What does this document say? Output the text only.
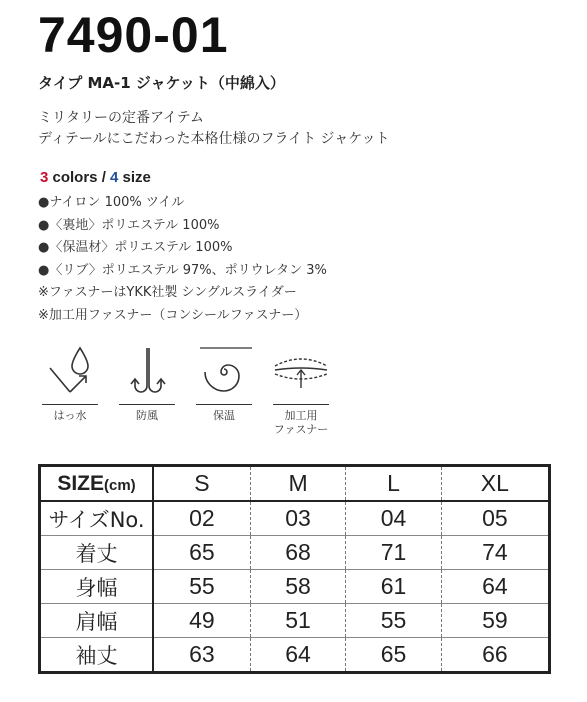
7490-01
タイプ MA-1 ジャケット（中綿入）
ミリタリーの定番アイテム
ディテールにこだわった本格仕様のフライト ジャケット
3 colors / 4 size
●ナイロン 100% ツイル
●〈裏地〉ポリエステル 100%
●〈保温材〉ポリエステル 100%
●〈リブ〉ポリエステル 97%、ポリウレタン 3%
※ファスナーはYKK社製 シングルスライダー
※加工用ファスナー（コンシールファスナー）
はっ水	防風	保温	加工用
ファスナー
SIZE(cm)	S	M	L	XL
サイズNo.	02	03	04	05
着丈	65	68	71	74
身幅	55	58	61	64
肩幅	49	51	55	59
袖丈	63	64	65	66
